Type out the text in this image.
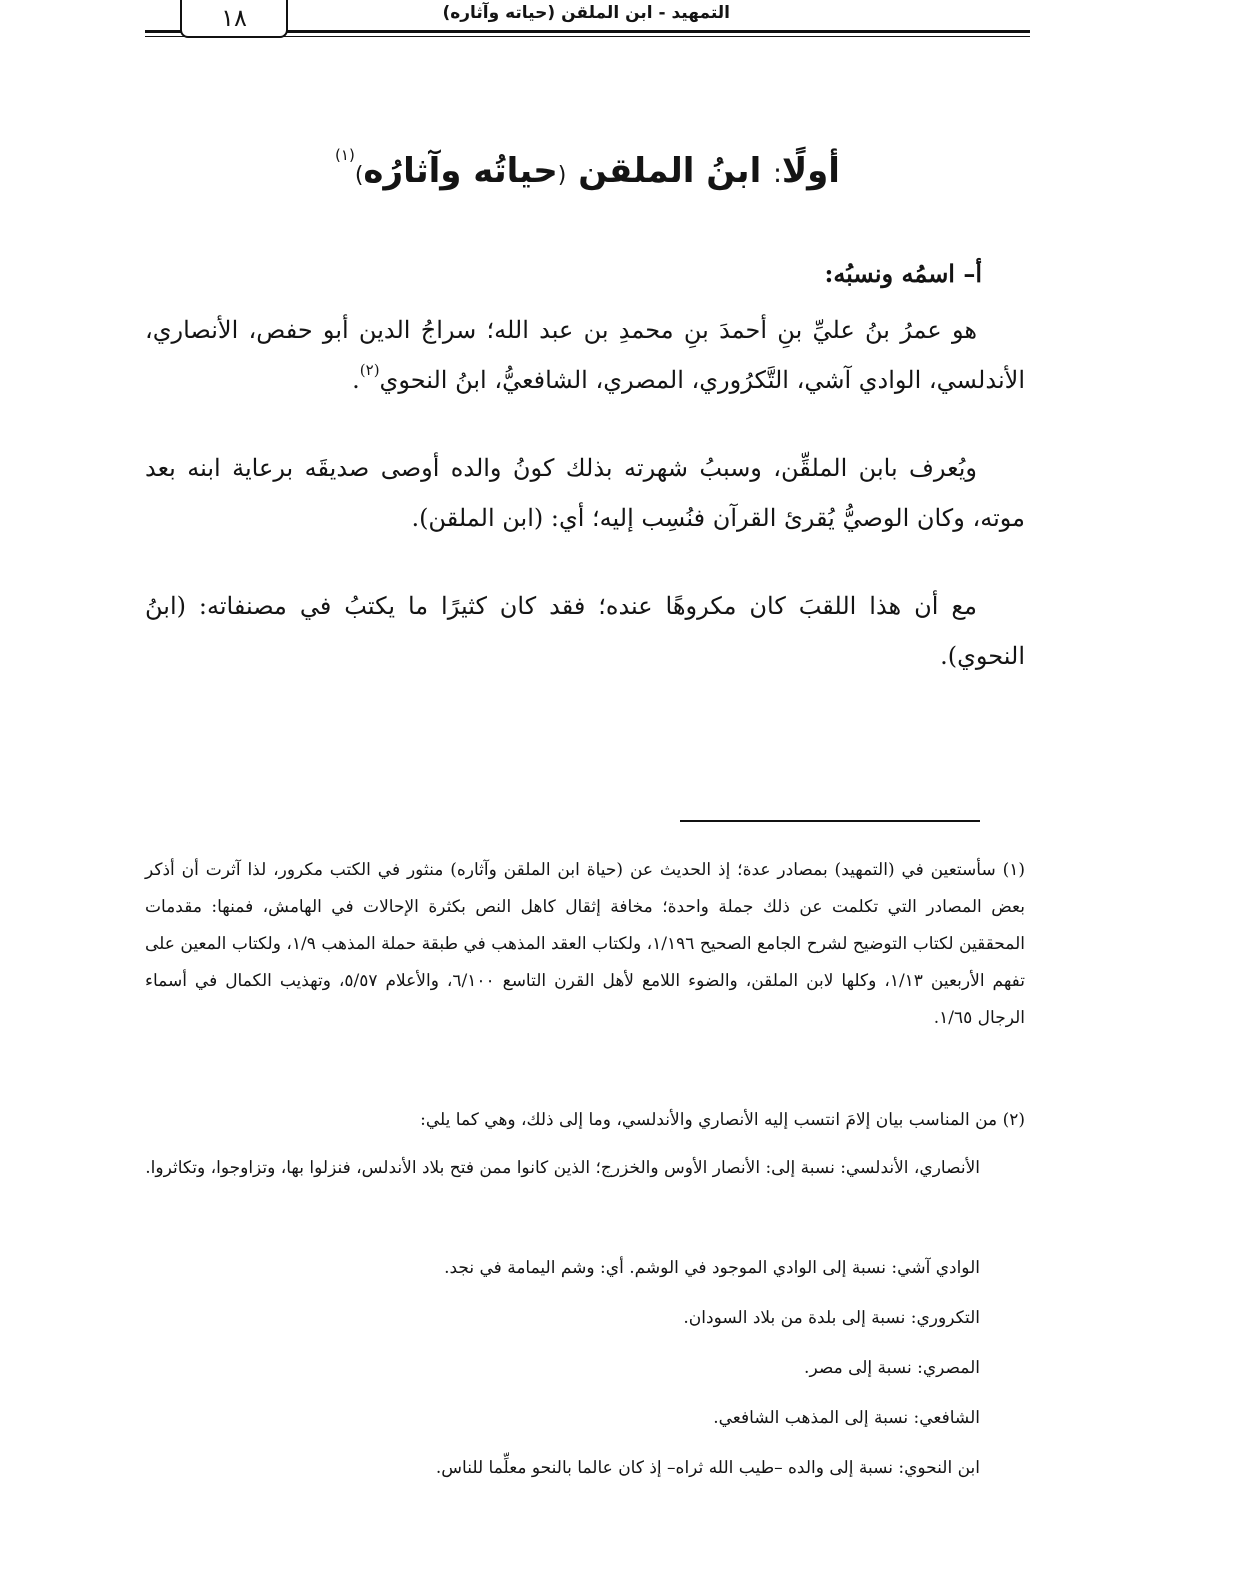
التمهيد - ابن الملقن (حياته وآثاره)
١٨
أولًا: ابنُ الملقن (حياتُه وآثارُه)$^{(١)}$
أ– اسمُه ونسبُه:

هو عمرُ بنُ عليِّ بنِ أحمدَ بنِ محمدِ بن عبد الله؛ سراجُ الدين أبو حفص، الأنصاري، الأندلسي، الوادي آشي، التَّكرُوري، المصري، الشافعيُّ، ابنُ النحوي$^{(٢)}$.

ويُعرف بابن الملقِّن، وسببُ شهرته بذلك كونُ والده أوصى صديقَه برعاية ابنه بعد موته، وكان الوصيُّ يُقرئ القرآن فنُسِب إليه؛ أي: (ابن الملقن).

مع أن هذا اللقبَ كان مكروهًا عنده؛ فقد كان كثيرًا ما يكتبُ في مصنفاته: (ابنُ النحوي).

(١) سأستعين في (التمهيد) بمصادر عدة؛ إذ الحديث عن (حياة ابن الملقن وآثاره) منثور في الكتب مكرور، لذا آثرت أن أذكر بعض المصادر التي تكلمت عن ذلك جملة واحدة؛ مخافة إثقال كاهل النص بكثرة الإحالات في الهامش، فمنها: مقدمات المحققين لكتاب التوضيح لشرح الجامع الصحيح ١/١٩٦، ولكتاب العقد المذهب في طبقة حملة المذهب ١/٩، ولكتاب المعين على تفهم الأربعين ١/١٣، وكلها لابن الملقن، والضوء اللامع لأهل القرن التاسع ٦/١٠٠، والأعلام ٥/٥٧، وتهذيب الكمال في أسماء الرجال ١/٦٥.

(٢) من المناسب بيان إلامَ انتسب إليه الأنصاري والأندلسي، وما إلى ذلك، وهي كما يلي:

الأنصاري، الأندلسي: نسبة إلى: الأنصار الأوس والخزرج؛ الذين كانوا ممن فتح بلاد الأندلس، فنزلوا بها، وتزاوجوا، وتكاثروا.

الوادي آشي: نسبة إلى الوادي الموجود في الوشم. أي: وشم اليمامة في نجد.

التكروري: نسبة إلى بلدة من بلاد السودان.

المصري: نسبة إلى مصر.

الشافعي: نسبة إلى المذهب الشافعي.

ابن النحوي: نسبة إلى والده –طيب الله ثراه– إذ كان عالما بالنحو معلِّما للناس.
